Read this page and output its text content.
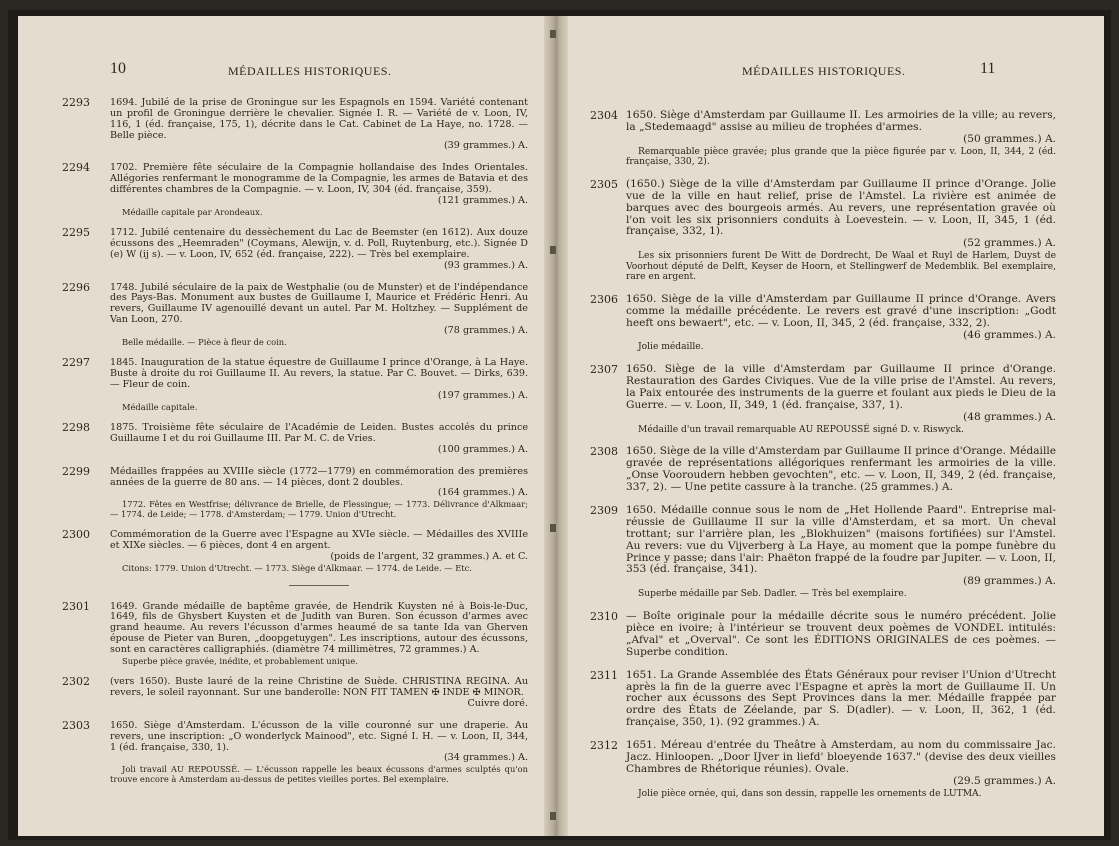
10	MÉDAILLES HISTORIQUES.
2293	1694. Jubilé de la prise de Groningue sur les Espagnols en 1594. Variété contenant un profil de Groningue derrière le chevalier. Signée I. R. — Variété de v. Loon, IV, 116, 1 (éd. française, 175, 1), décrite dans le Cat. Cabinet de La Haye, no. 1728. — Belle pièce.

(39 grammes.) A.

2294	1702. Première fête séculaire de la Compagnie hollandaise des Indes Orientales. Allégories renfermant le monogramme de la Compagnie, les armes de Batavia et des différentes chambres de la Compagnie. — v. Loon, IV, 304 (éd. française, 359).

(121 grammes.) A.

Médaille capitale par Arondeaux.

2295	1712. Jubilé centenaire du dessèchement du Lac de Beemster (en 1612). Aux douze écussons des „Heemraden" (Coymans, Alewijn, v. d. Poll, Ruytenburg, etc.). Signée D (e) W (ij s). — v. Loon, IV, 652 (éd. française, 222). — Très bel exemplaire.

(93 grammes.) A.

2296	1748. Jubilé séculaire de la paix de Westphalie (ou de Munster) et de l'indépendance des Pays-Bas. Monument aux bustes de Guillaume I, Maurice et Frédéric Henri. Au revers, Guillaume IV agenouillé devant un autel. Par M. Holtzhey. — Supplément de Van Loon, 270.

(78 grammes.) A.

Belle médaille. — Pièce à fleur de coin.

2297	1845. Inauguration de la statue équestre de Guillaume I prince d'Orange, à La Haye. Buste à droite du roi Guillaume II. Au revers, la statue. Par C. Bouvet. — Dirks, 639. — Fleur de coin.

(197 grammes.) A.

Médaille capitale.

2298	1875. Troisième fête séculaire de l'Académie de Leiden. Bustes accolés du prince Guillaume I et du roi Guillaume III. Par M. C. de Vries.

(100 grammes.) A.

2299	Médailles frappées au XVIIIe siècle (1772—1779) en commémoration des premières années de la guerre de 80 ans. — 14 pièces, dont 2 doubles.

(164 grammes.) A.

1772. Fêtes en Westfrise; délivrance de Brielle, de Flessingue; — 1773. Délivrance d'Alkmaar; — 1774. de Leide; — 1778. d'Amsterdam; — 1779. Union d'Utrecht.

2300	Commémoration de la Guerre avec l'Espagne au XVIe siècle. — Médailles des XVIIIe et XIXe siècles. — 6 pièces, dont 4 en argent.

(poids de l'argent, 32 grammes.) A. et C.

Citons: 1779. Union d'Utrecht. — 1773. Siège d'Alkmaar. — 1774. de Leide. — Etc.

2301	1649. Grande médaille de baptême gravée, de Hendrik Kuysten né à Bois-le-Duc, 1649, fils de Ghysbert Kuysten et de Judith van Buren. Son écusson d'armes avec grand heaume. Au revers l'écusson d'armes heaumé de sa tante Ida van Gherven épouse de Pieter van Buren, „doopgetuygen". Les inscriptions, autour des écussons, sont en caractères calligraphiés. (diamètre 74 millimètres, 72 grammes.) A.

Superbe pièce gravée, inédite, et probablement unique.

2302	(vers 1650). Buste lauré de la reine Christine de Suède. CHRISTINA REGINA. Au revers, le soleil rayonnant. Sur une banderolle: NON FIT TAMEN ✠ INDE ✠ MINOR.

Cuivre doré.

2303	1650. Siège d'Amsterdam. L'écusson de la ville couronné sur une draperie. Au revers, une inscription: „O wonderlyck Mainood", etc. Signé I. H. — v. Loon, II, 344, 1 (éd. française, 330, 1).

(34 grammes.) A.

Joli travail AU REPOUSSÉ. — L'écusson rappelle les beaux écussons d'armes sculptés qu'on trouve encore à Amsterdam au-dessus de petites vieilles portes. Bel exemplaire.

MÉDAILLES HISTORIQUES.	11
2304 1650. Siège d'Amsterdam par Guillaume II. Les armoiries de la ville; au revers, la „Stedemaagd" assise au milieu de trophées d'armes.

(50 grammes.) A.

Remarquable pièce gravée; plus grande que la pièce figurée par v. Loon, II, 344, 2 (éd. française, 330, 2).

2305 (1650.) Siège de la ville d'Amsterdam par Guillaume II prince d'Orange. Jolie vue de la ville en haut relief, prise de l'Amstel. La rivière est animée de barques avec des bourgeois armés. Au revers, une représentation gravée où l'on voit les six prisonniers conduits à Loevestein. — v. Loon, II, 345, 1 (éd. française, 332, 1).

(52 grammes.) A.

Les six prisonniers furent De Witt de Dordrecht, De Waal et Ruyl de Harlem, Duyst de Voorhout député de Delft, Keyser de Hoorn, et Stellingwerf de Medemblik. Bel exemplaire, rare en argent.

2306 1650. Siège de la ville d'Amsterdam par Guillaume II prince d'Orange. Avers comme la médaille précédente. Le revers est gravé d'une inscription: „Godt heeft ons bewaert", etc. — v. Loon, II, 345, 2 (éd. française, 332, 2).

(46 grammes.) A.

Jolie médaille.

2307 1650. Siège de la ville d'Amsterdam par Guillaume II prince d'Orange. Restauration des Gardes Civiques. Vue de la ville prise de l'Amstel. Au revers, la Paix entourée des instruments de la guerre et foulant aux pieds le Dieu de la Guerre. — v. Loon, II, 349, 1 (éd. française, 337, 1).

(48 grammes.) A.

Médaille d'un travail remarquable AU REPOUSSÉ signé D. v. Riswyck.

2308 1650. Siège de la ville d'Amsterdam par Guillaume II prince d'Orange. Médaille gravée de représentations allégoriques renfermant les armoiries de la ville. „Onse Vooroudern hebben gevochten", etc. — v. Loon, II, 349, 2 (éd. française, 337, 2). — Une petite cassure à la tranche. (25 grammes.) A.

2309 1650. Médaille connue sous le nom de „Het Hollende Paard". Entreprise mal-réussie de Guillaume II sur la ville d'Amsterdam, et sa mort. Un cheval trottant; sur l'arrière plan, les „Blokhuizen" (maisons fortifiées) sur l'Amstel. Au revers: vue du Vijverberg à La Haye, au moment que la pompe funèbre du Prince y passe; dans l'air: Phaëton frappé de la foudre par Jupiter. — v. Loon, II, 353 (éd. française, 341).

(89 grammes.) A.

Superbe médaille par Seb. Dadler. — Très bel exemplaire.

2310 — Boîte originale pour la médaille décrite sous le numéro précédent. Jolie pièce en ivoire; à l'intérieur se trouvent deux poèmes de VONDEL intitulés: „Afval" et „Overval". Ce sont les ÉDITIONS ORIGINALES de ces poèmes. — Superbe condition.

2311 1651. La Grande Assemblée des États Généraux pour reviser l'Union d'Utrecht après la fin de la guerre avec l'Espagne et après la mort de Guillaume II. Un rocher aux écussons des Sept Provinces dans la mer. Médaille frappée par ordre des États de Zéelande, par S. D(adler). — v. Loon, II, 362, 1 (éd. française, 350, 1). (92 grammes.) A.

2312 1651. Méreau d'entrée du Theâtre à Amsterdam, au nom du commissaire Jac. Jacz. Hinloopen. „Door IJver in liefd' bloeyende 1637." (devise des deux vieilles Chambres de Rhétorique réunies). Ovale.

(29.5 grammes.) A.

Jolie pièce ornée, qui, dans son dessin, rappelle les ornements de LUTMA.
